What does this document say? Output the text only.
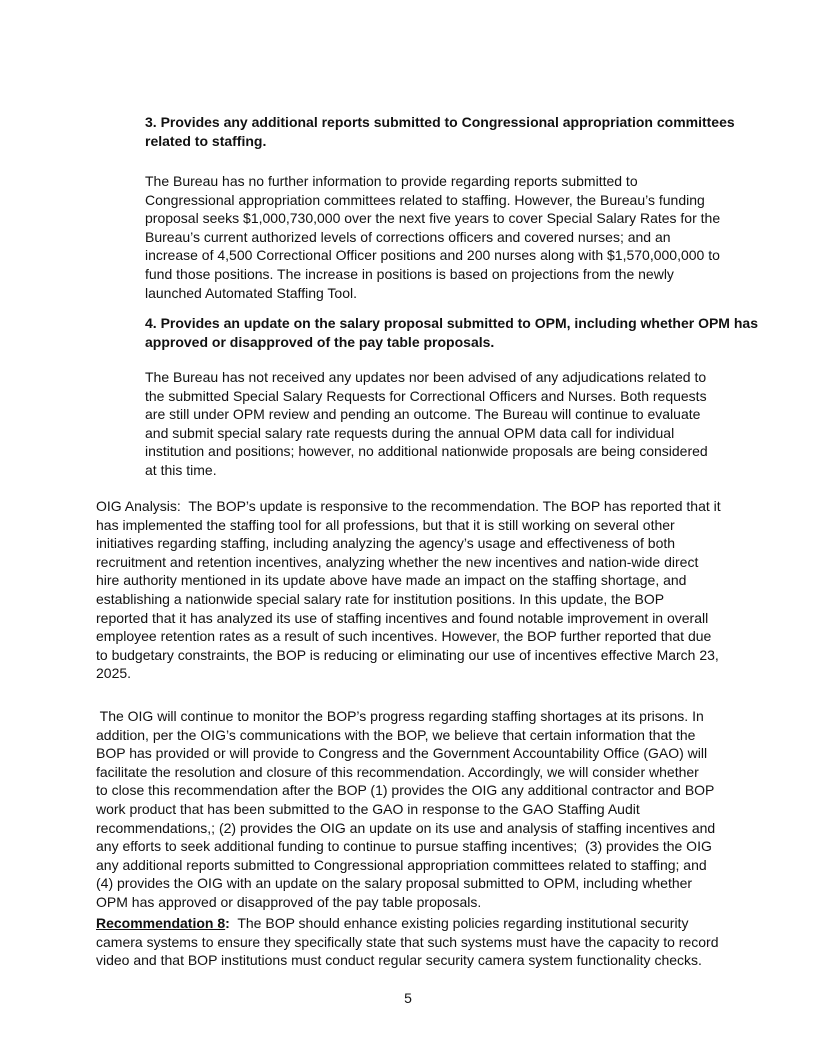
3. Provides any additional reports submitted to Congressional appropriation committees
related to staffing.
The Bureau has no further information to provide regarding reports submitted to
Congressional appropriation committees related to staffing. However, the Bureau’s funding
proposal seeks $1,000,730,000 over the next five years to cover Special Salary Rates for the
Bureau’s current authorized levels of corrections officers and covered nurses; and an
increase of 4,500 Correctional Officer positions and 200 nurses along with $1,570,000,000 to
fund those positions. The increase in positions is based on projections from the newly
launched Automated Staffing Tool.
4. Provides an update on the salary proposal submitted to OPM, including whether OPM has
approved or disapproved of the pay table proposals.
The Bureau has not received any updates nor been advised of any adjudications related to
the submitted Special Salary Requests for Correctional Officers and Nurses. Both requests
are still under OPM review and pending an outcome. The Bureau will continue to evaluate
and submit special salary rate requests during the annual OPM data call for individual
institution and positions; however, no additional nationwide proposals are being considered
at this time.
OIG Analysis:  The BOP’s update is responsive to the recommendation. The BOP has reported that it
has implemented the staffing tool for all professions, but that it is still working on several other
initiatives regarding staffing, including analyzing the agency’s usage and effectiveness of both
recruitment and retention incentives, analyzing whether the new incentives and nation-wide direct
hire authority mentioned in its update above have made an impact on the staffing shortage, and
establishing a nationwide special salary rate for institution positions. In this update, the BOP
reported that it has analyzed its use of staffing incentives and found notable improvement in overall
employee retention rates as a result of such incentives. However, the BOP further reported that due
to budgetary constraints, the BOP is reducing or eliminating our use of incentives effective March 23,
2025.
The OIG will continue to monitor the BOP’s progress regarding staffing shortages at its prisons. In
addition, per the OIG’s communications with the BOP, we believe that certain information that the
BOP has provided or will provide to Congress and the Government Accountability Office (GAO) will
facilitate the resolution and closure of this recommendation. Accordingly, we will consider whether
to close this recommendation after the BOP (1) provides the OIG any additional contractor and BOP
work product that has been submitted to the GAO in response to the GAO Staffing Audit
recommendations,; (2) provides the OIG an update on its use and analysis of staffing incentives and
any efforts to seek additional funding to continue to pursue staffing incentives;  (3) provides the OIG
any additional reports submitted to Congressional appropriation committees related to staffing; and
(4) provides the OIG with an update on the salary proposal submitted to OPM, including whether
OPM has approved or disapproved of the pay table proposals.
Recommendation 8:  The BOP should enhance existing policies regarding institutional security
camera systems to ensure they specifically state that such systems must have the capacity to record
video and that BOP institutions must conduct regular security camera system functionality checks.
5
